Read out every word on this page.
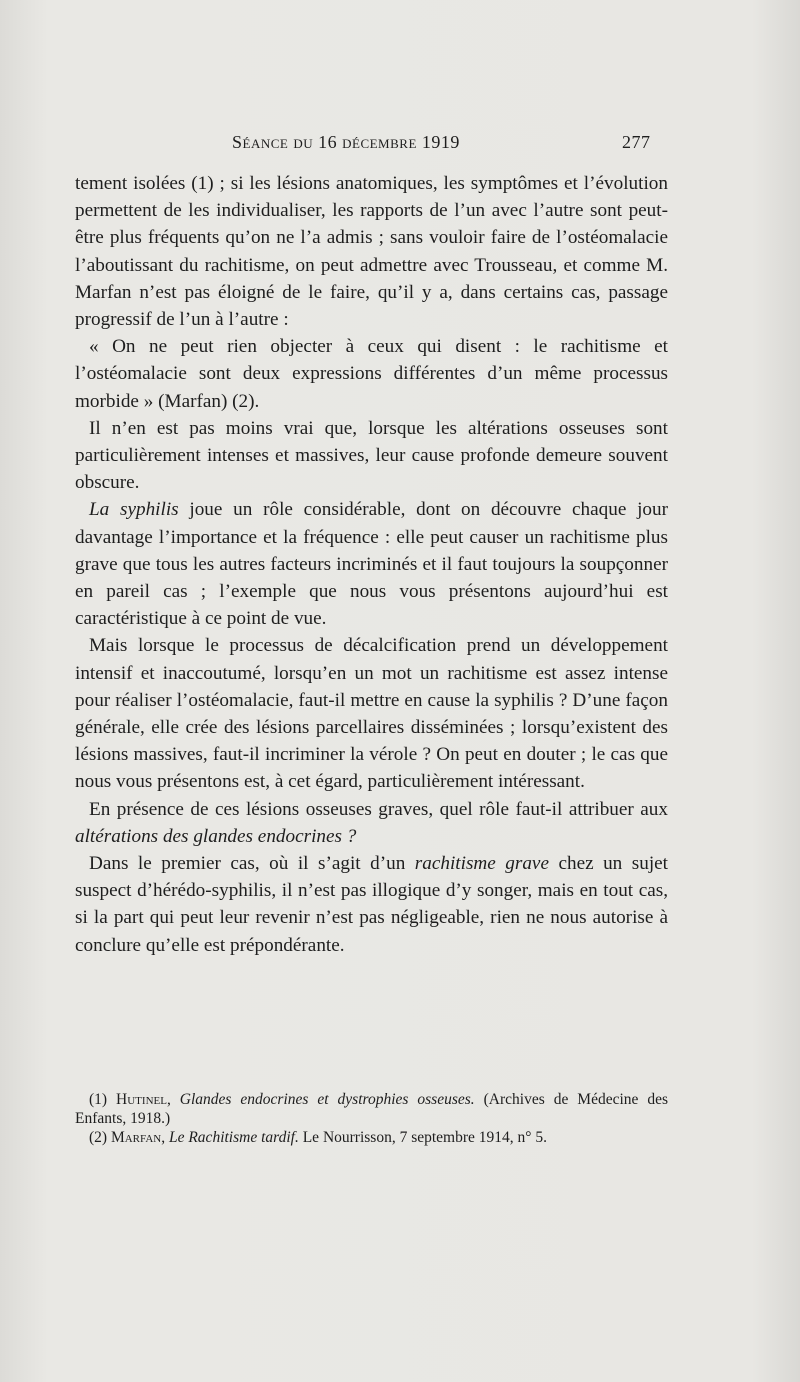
Séance du 16 décembre 1919	277

tement isolées (1) ; si les lésions anatomiques, les symptômes et l’évolution permettent de les individualiser, les rapports de l’un avec l’autre sont peut-être plus fréquents qu’on ne l’a admis ; sans vouloir faire de l’ostéomalacie l’aboutissant du rachitisme, on peut admettre avec Trousseau, et comme M. Marfan n’est pas éloigné de le faire, qu’il y a, dans certains cas, passage progressif de l’un à l’autre :

« On ne peut rien objecter à ceux qui disent : le rachitisme et l’ostéomalacie sont deux expressions différentes d’un même processus morbide » (Marfan) (2).

Il n’en est pas moins vrai que, lorsque les altérations osseuses sont particulièrement intenses et massives, leur cause profonde demeure souvent obscure.

La syphilis joue un rôle considérable, dont on découvre chaque jour davantage l’importance et la fréquence : elle peut causer un rachitisme plus grave que tous les autres facteurs incriminés et il faut toujours la soupçonner en pareil cas ; l’exemple que nous vous présentons aujourd’hui est caractéristique à ce point de vue.

Mais lorsque le processus de décalcification prend un développement intensif et inaccoutumé, lorsqu’en un mot un rachitisme est assez intense pour réaliser l’ostéomalacie, faut-il mettre en cause la syphilis ? D’une façon générale, elle crée des lésions parcellaires disséminées ; lorsqu’existent des lésions massives, faut-il incriminer la vérole ? On peut en douter ; le cas que nous vous présentons est, à cet égard, particulièrement intéressant.

En présence de ces lésions osseuses graves, quel rôle faut-il attribuer aux altérations des glandes endocrines ?

Dans le premier cas, où il s’agit d’un rachitisme grave chez un sujet suspect d’hérédo-syphilis, il n’est pas illogique d’y songer, mais en tout cas, si la part qui peut leur revenir n’est pas négligeable, rien ne nous autorise à conclure qu’elle est prépondérante.

(1) Hutinel, Glandes endocrines et dystrophies osseuses. (Archives de Médecine des Enfants, 1918.)

(2) Marfan, Le Rachitisme tardif. Le Nourrisson, 7 septembre 1914, n° 5.
